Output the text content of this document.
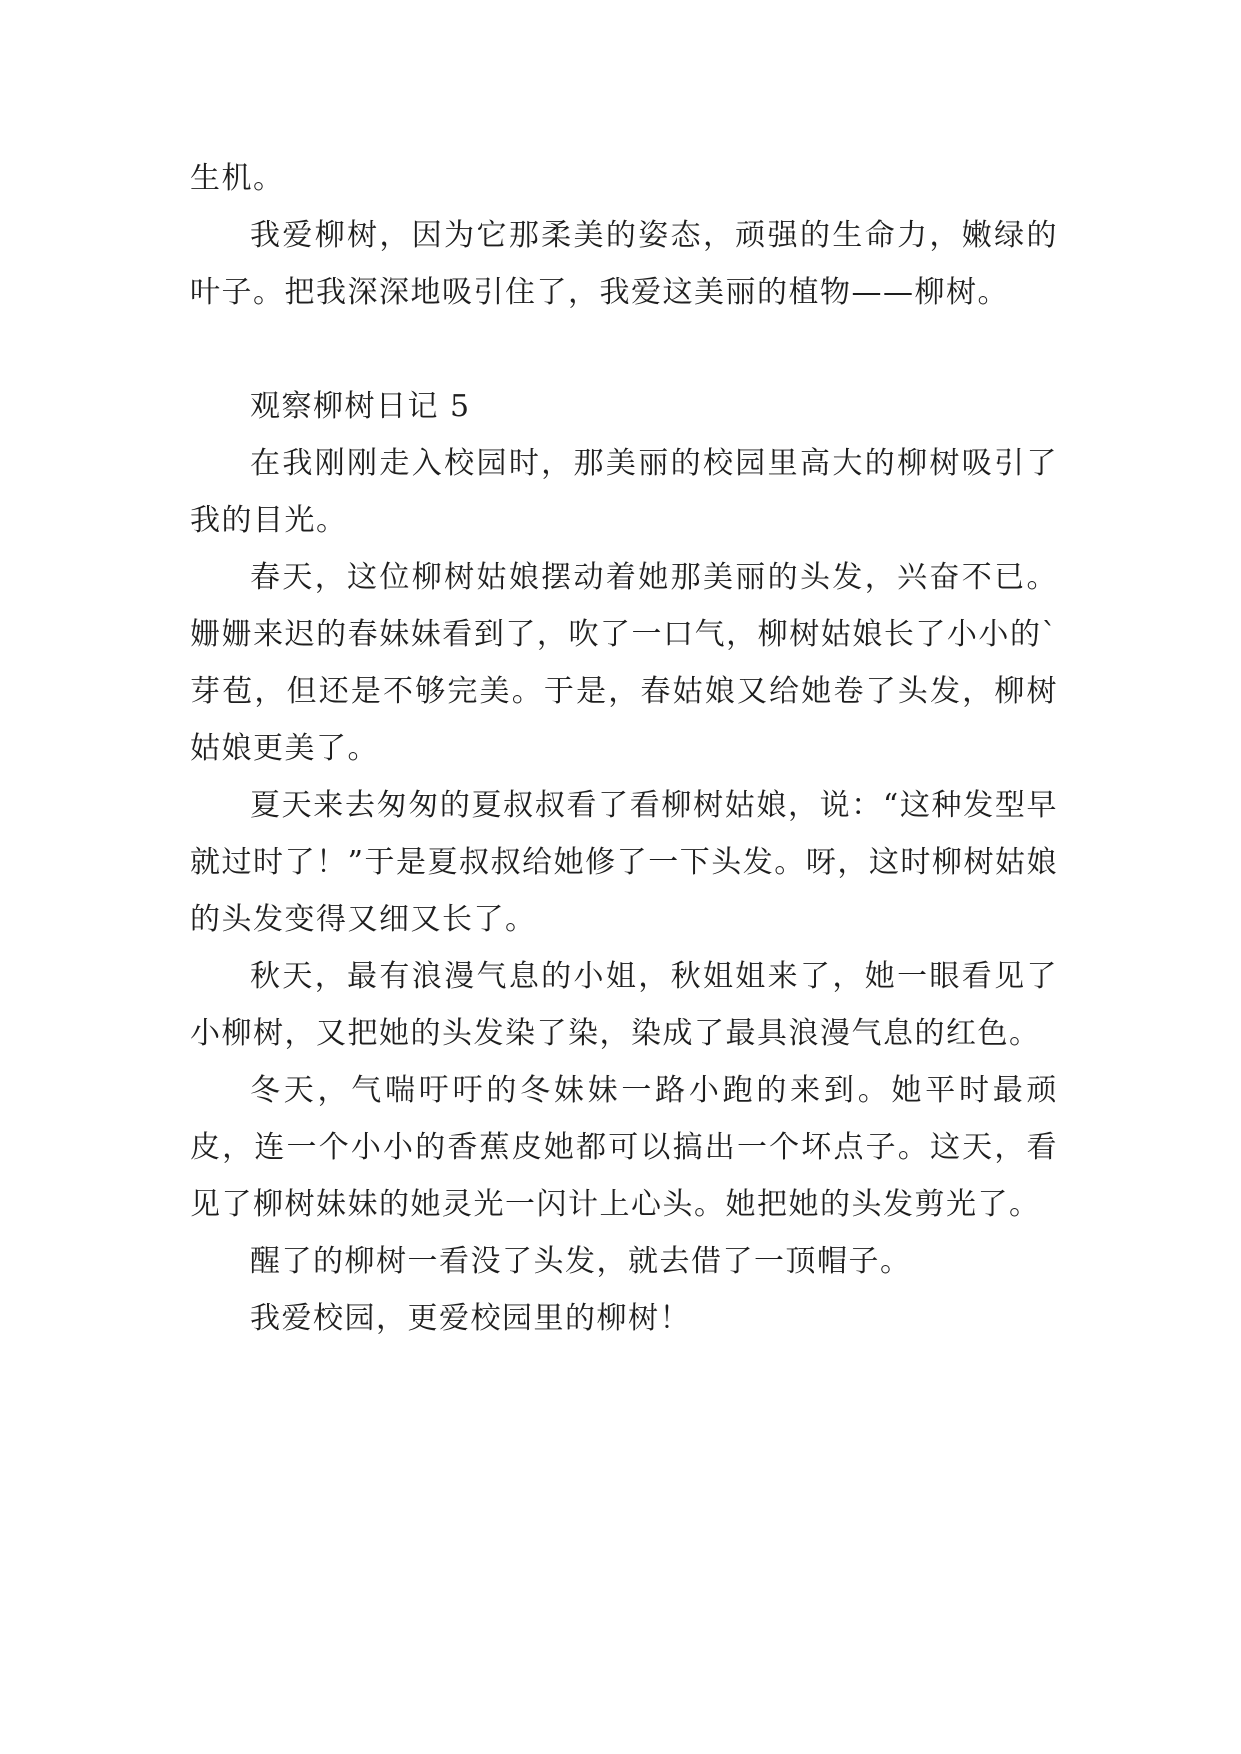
生机。

我爱柳树，因为它那柔美的姿态，顽强的生命力，嫩绿的叶子。把我深深地吸引住了，我爱这美丽的植物——柳树。

观察柳树日记 5

在我刚刚走入校园时，那美丽的校园里高大的柳树吸引了我的目光。

春天，这位柳树姑娘摆动着她那美丽的头发，兴奋不已。姗姗来迟的春妹妹看到了，吹了一口气，柳树姑娘长了小小的`芽苞，但还是不够完美。于是，春姑娘又给她卷了头发，柳树姑娘更美了。

夏天来去匆匆的夏叔叔看了看柳树姑娘，说：“这种发型早就过时了！”于是夏叔叔给她修了一下头发。呀，这时柳树姑娘的头发变得又细又长了。

秋天，最有浪漫气息的小姐，秋姐姐来了，她一眼看见了小柳树，又把她的头发染了染，染成了最具浪漫气息的红色。

冬天，气喘吁吁的冬妹妹一路小跑的来到。她平时最顽皮，连一个小小的香蕉皮她都可以搞出一个坏点子。这天，看见了柳树妹妹的她灵光一闪计上心头。她把她的头发剪光了。

醒了的柳树一看没了头发，就去借了一顶帽子。

我爱校园，更爱校园里的柳树！
